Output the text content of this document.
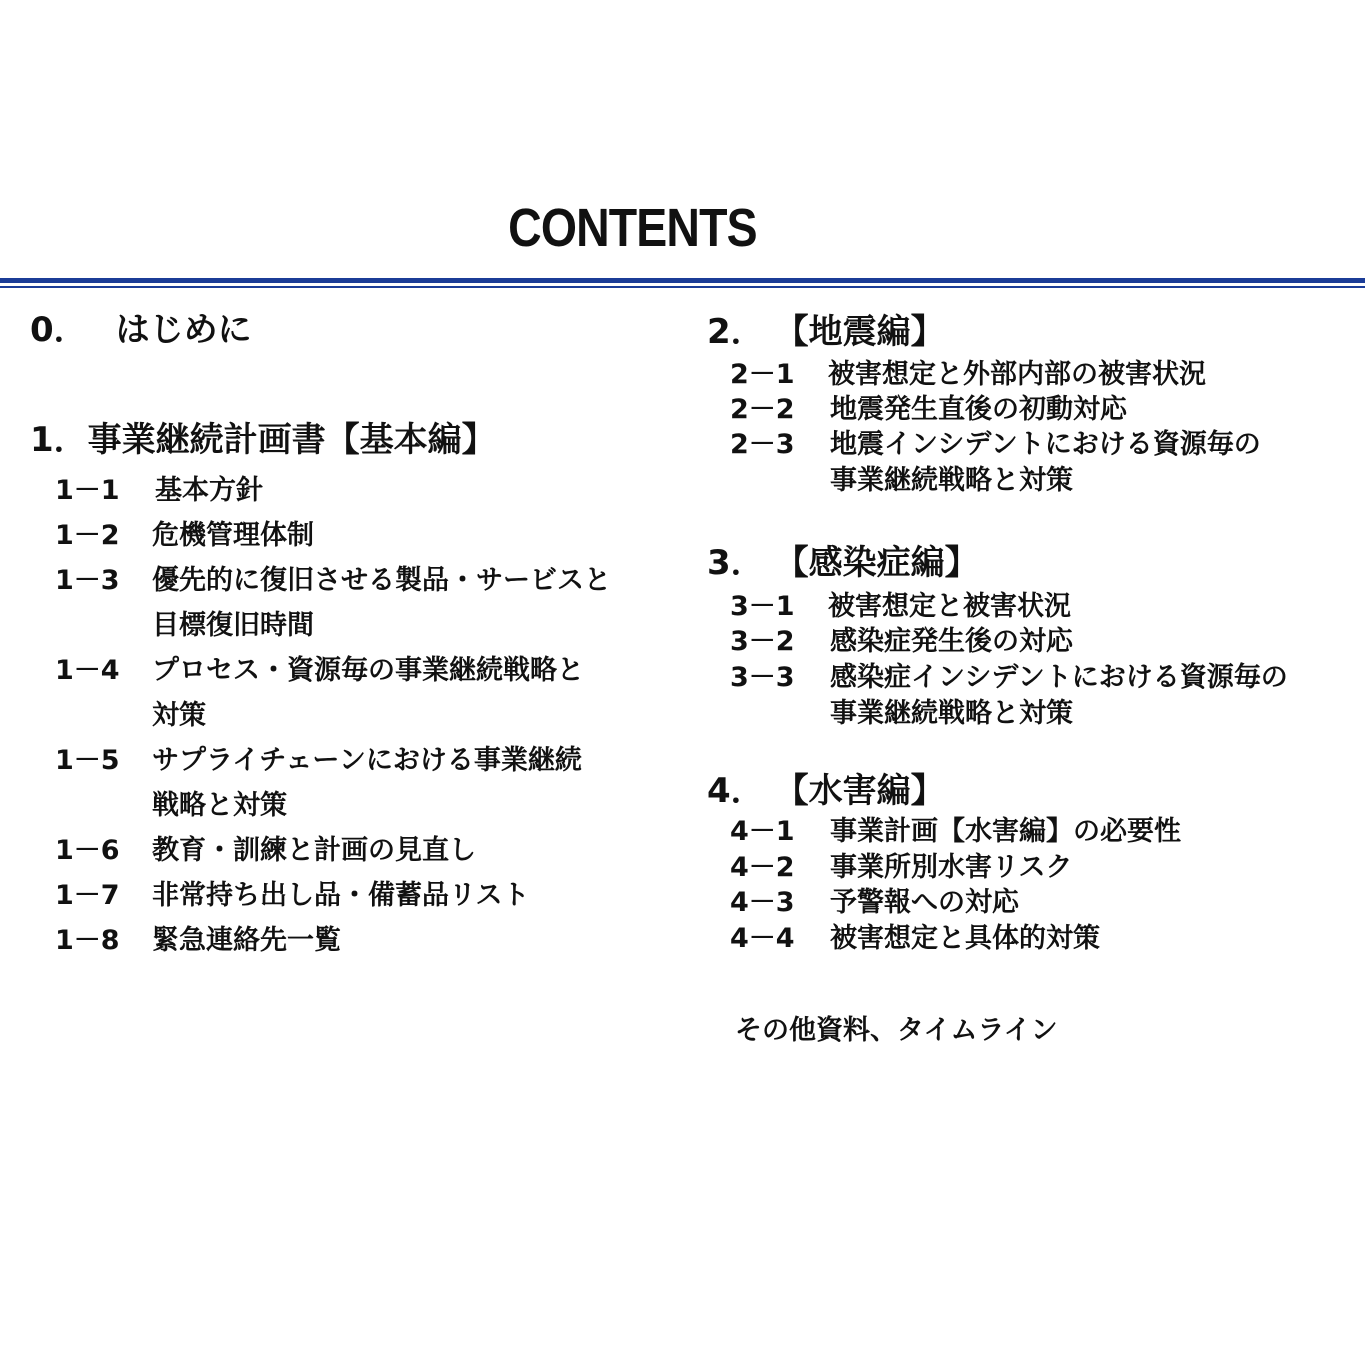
CONTENTS
0． はじめに
1．事業継続計画書【基本編】
1－1 基本方針
1－2 危機管理体制
1－3 優先的に復旧させる製品・サービスと
目標復旧時間
1－4 プロセス・資源毎の事業継続戦略と
対策
1－5 サプライチェーンにおける事業継続
戦略と対策
1－6 教育・訓練と計画の見直し
1－7 非常持ち出し品・備蓄品リスト
1－8 緊急連絡先一覧
2． 【地震編】
2－1 被害想定と外部内部の被害状況
2－2 地震発生直後の初動対応
2－3 地震インシデントにおける資源毎の
事業継続戦略と対策
3． 【感染症編】
3－1 被害想定と被害状況
3－2 感染症発生後の対応
3－3 感染症インシデントにおける資源毎の
事業継続戦略と対策
4． 【水害編】
4－1 事業計画【水害編】の必要性
4－2 事業所別水害リスク
4－3 予警報への対応
4－4 被害想定と具体的対策
その他資料、タイムライン
